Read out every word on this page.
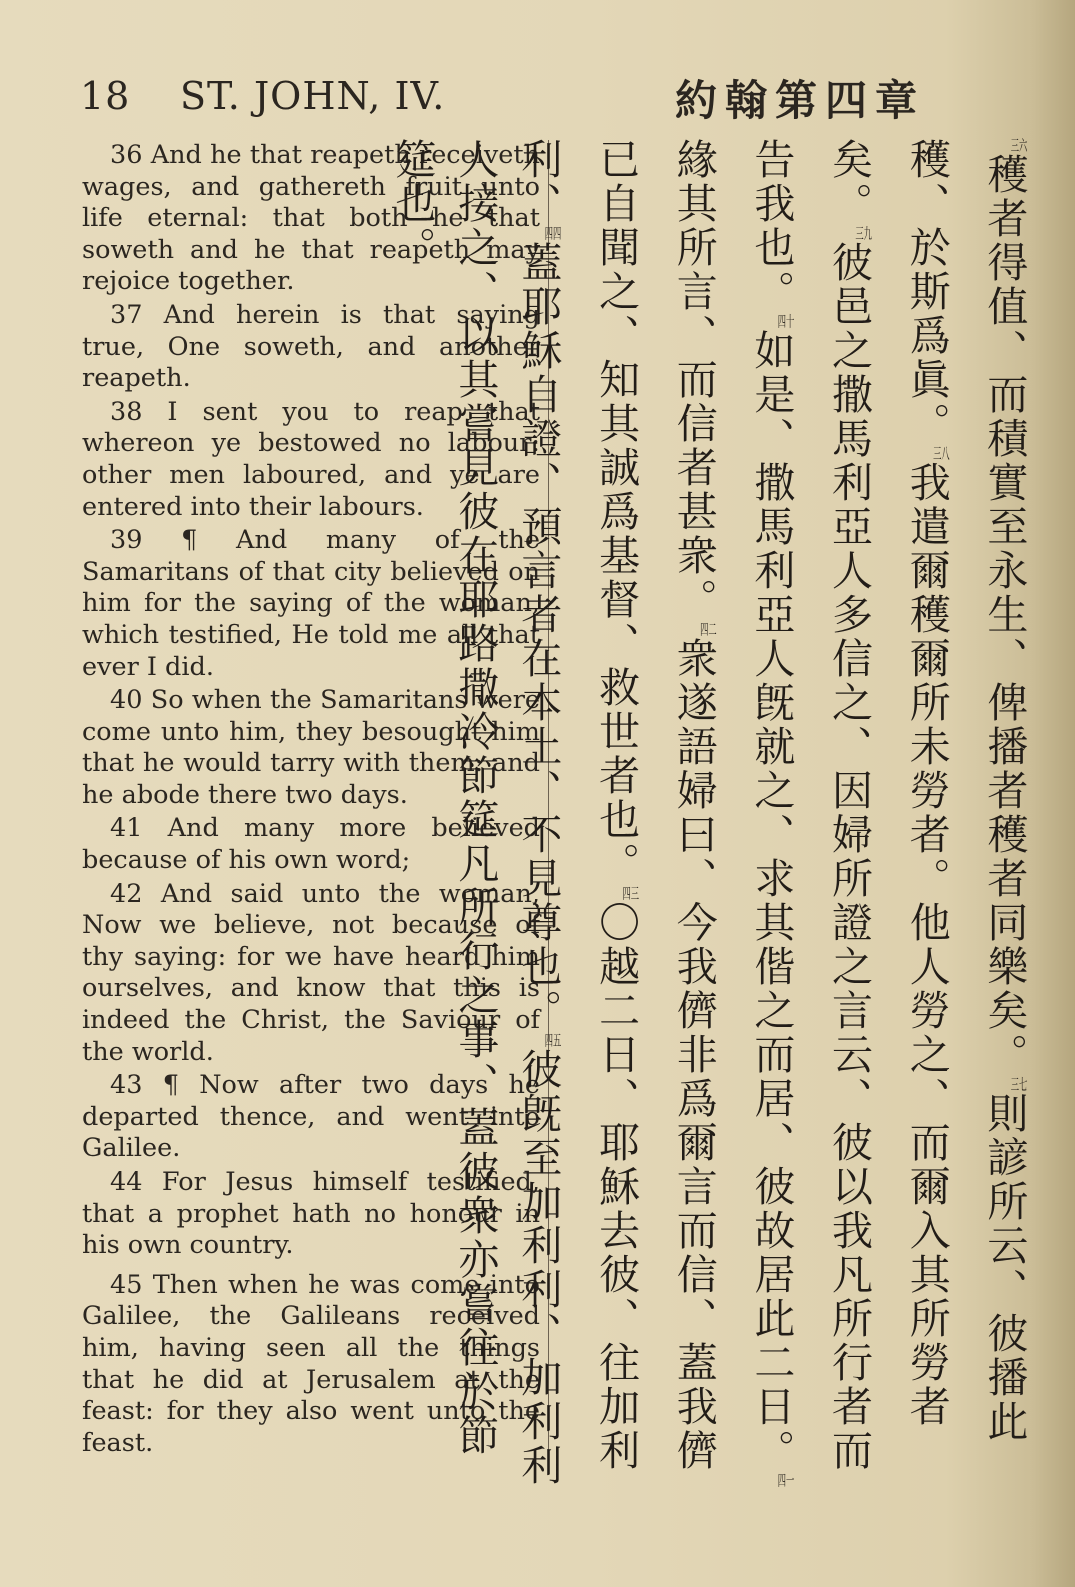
18 ST. JOHN, IV.	約翰第四章

36 And he that reapeth receiveth wages, and gathereth fruit unto life eternal: that both he that soweth and he that reapeth may rejoice together.

37 And herein is that saying true, One soweth, and another reapeth.

38 I sent you to reap that whereon ye bestowed no labour: other men laboured, and ye are entered into their labours.

39 ¶ And many of the Samaritans of that city believed on him for the saying of the woman, which testified, He told me all that ever I did.

40 So when the Samaritans were come unto him, they besought him that he would tarry with them: and he abode there two days.

41 And many more believed because of his own word;

42 And said unto the woman, Now we believe, not because of thy saying: for we have heard him ourselves, and know that this is indeed the Christ, the Saviour of the world.

43 ¶ Now after two days he departed thence, and went into Galilee.

44 For Jesus himself testified, that a prophet hath no honour in his own country.

45 Then when he was come into Galilee, the Galileans received him, having seen all the things that he did at Jerusalem at the feast: for they also went unto the feast.

$^{三六}$穫者得值、而積實至永生、俾播者穫者同樂矣。$^{三七}$則諺所云、彼播此穫、於斯爲眞。$^{三八}$我遣爾穫爾所未勞者。他人勞之、而爾入其所勞者矣。$^{三九}$彼邑之撒馬利亞人多信之、因婦所證之言云、彼以我凡所行者而告我也。$^{四十}$如是、撒馬利亞人旣就之、求其偕之而居、彼故居此二日。$^{四一}$緣其所言、而信者甚衆。$^{四二}$衆遂語婦曰、今我儕非爲爾言而信、蓋我儕已自聞之、知其誠爲基督、救世者也。$^{四三}$〇越二日、耶穌去彼、往加利利、$^{四四}$蓋耶穌自證、預言者在本土、不見尊也。$^{四五}$彼旣至加利利、加利利人接之、以其嘗見彼在耶路撒冷節筵凡所行之事、蓋彼衆亦嘗往於節筵也。
